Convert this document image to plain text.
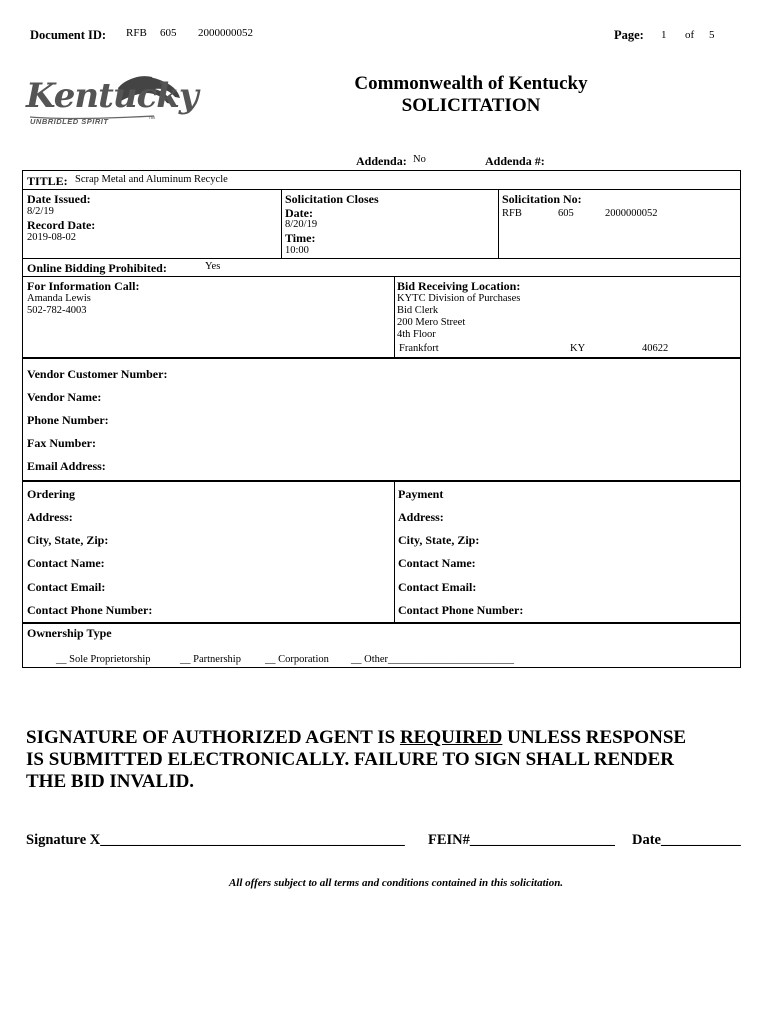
Document ID: RFB 605 2000000052	Page: 1 of 5
Kentucky
UNBRIDLED SPIRIT	™
Commonwealth of Kentucky
SOLICITATION
Addenda: No	Addenda #:
TITLE: Scrap Metal and Aluminum Recycle
Date Issued:
8/2/19
Record Date:
2019-08-02
Solicitation Closes
Date:
8/20/19
Time:
10:00
Solicitation No:
RFB	605	2000000052
Online Bidding Prohibited:	Yes
For Information Call:
Amanda Lewis
502-782-4003
Bid Receiving Location:
KYTC Division of Purchases
Bid Clerk
200 Mero Street
4th Floor
Frankfort	KY	40622
Vendor Customer Number:
Vendor Name:
Phone Number:
Fax Number:
Email Address:
Ordering
Address:
City, State, Zip:
Contact Name:
Contact Email:
Contact Phone Number:
Payment
Address:
City, State, Zip:
Contact Name:
Contact Email:
Contact Phone Number:
Ownership Type
__ Sole Proprietorship	__ Partnership __ Corporation __ Other________________________
SIGNATURE OF AUTHORIZED AGENT IS REQUIRED UNLESS RESPONSE
IS SUBMITTED ELECTRONICALLY. FAILURE TO SIGN SHALL RENDER
THE BID INVALID.
Signature X__________________________________________ FEIN#____________________ Date___________
All offers subject to all terms and conditions contained in this solicitation.
